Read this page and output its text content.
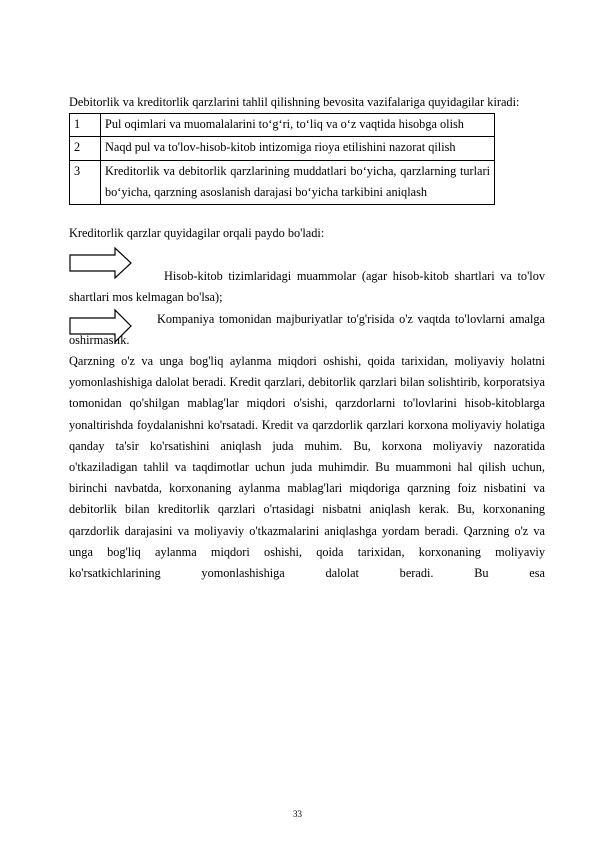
Debitorlik va kreditorlik qarzlarini tahlil qilishning bevosita vazifalariga quyidagilar kiradi:

1	Pul oqimlari va muomalalarini to‘g‘ri, to‘liq va o‘z vaqtida hisobga olish
2	Naqd pul va to'lov-hisob-kitob intizomiga rioya etilishini nazorat qilish
3	Kreditorlik va debitorlik qarzlarining muddatlari bo‘yicha, qarzlarning turlari bo‘yicha, qarzning asoslanish darajasi bo‘yicha tarkibini aniqlash

Kreditorlik qarzlar quyidagilar orqali paydo bo'ladi:

Hisob-kitob tizimlaridagi muammolar (agar hisob-kitob shartlari va to'lov shartlari mos kelmagan bo'lsa);
Kompaniya tomonidan majburiyatlar to'g'risida o'z vaqtda to'lovlarni amalga oshirmaslik.

Qarzning o'z va unga bog'liq aylanma miqdori oshishi, qoida tarixidan, moliyaviy holatni yomonlashishiga dalolat beradi. Kredit qarzlari, debitorlik qarzlari bilan solishtirib, korporatsiya tomonidan qo'shilgan mablag'lar miqdori o'sishi, qarzdorlarni to'lovlarini hisob-kitoblarga yonaltirishda foydalanishni ko'rsatadi. Kredit va qarzdorlik qarzlari korxona moliyaviy holatiga qanday ta'sir ko'rsatishini aniqlash juda muhim. Bu, korxona moliyaviy nazoratida o'tkaziladigan tahlil va taqdimotlar uchun juda muhimdir. Bu muammoni hal qilish uchun, birinchi navbatda, korxonaning aylanma mablag'lari miqdoriga qarzning foiz nisbatini va debitorlik bilan kreditorlik qarzlari o'rtasidagi nisbatni aniqlash kerak. Bu, korxonaning qarzdorlik darajasini va moliyaviy o'tkazmalarini aniqlashga yordam beradi. Qarzning o'z va unga bog'liq aylanma miqdori oshishi, qoida tarixidan, korxonaning moliyaviy ko'rsatkichlarining yomonlashishiga dalolat beradi. Bu esa

33
